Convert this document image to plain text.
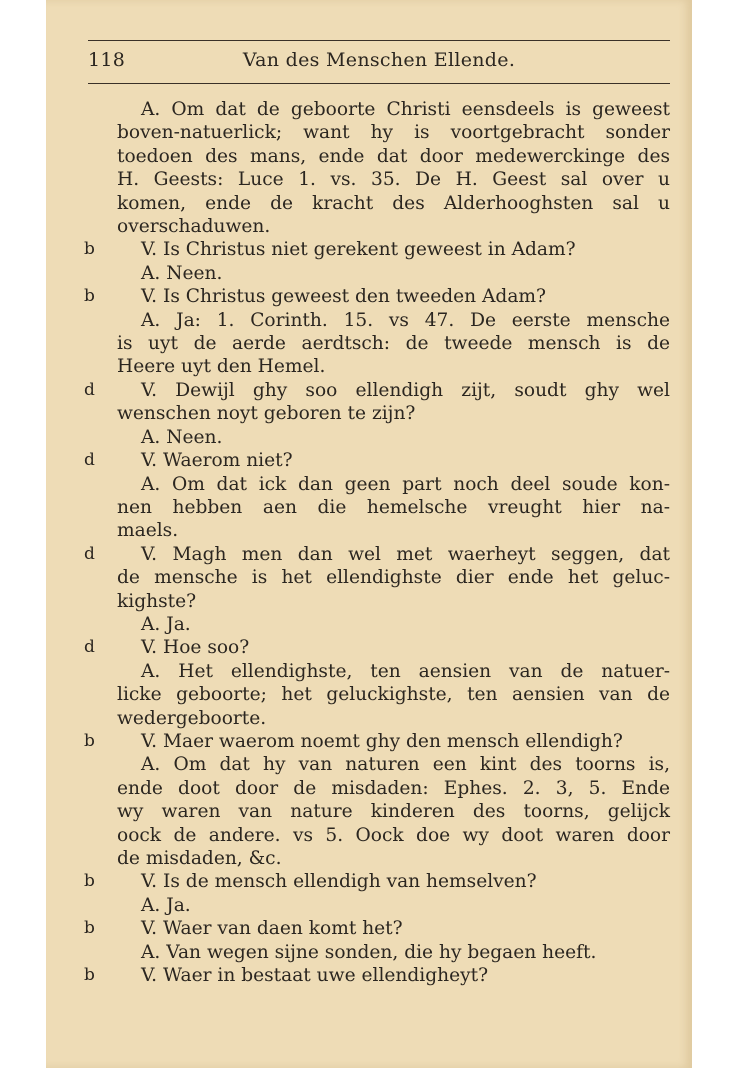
118	Van des Menschen Ellende.
A. Om dat de geboorte Christi eensdeels is geweest
boven-natuerlick; want hy is voortgebracht sonder
toedoen des mans, ende dat door medewerckinge des
H. Geests: Luce 1. vs. 35. De H. Geest sal over u
komen, ende de kracht des Alderhooghsten sal u
overschaduwen.
b	V. Is Christus niet gerekent geweest in Adam?
A. Neen.
b	V. Is Christus geweest den tweeden Adam?
A. Ja: 1. Corinth. 15. vs 47. De eerste mensche
is uyt de aerde aerdtsch: de tweede mensch is de
Heere uyt den Hemel.
d	V. Dewijl ghy soo ellendigh zijt, soudt ghy wel
wenschen noyt geboren te zijn?
A. Neen.
d	V. Waerom niet?
A. Om dat ick dan geen part noch deel soude kon-
nen hebben aen die hemelsche vreught hier na-
maels.
d	V. Magh men dan wel met waerheyt seggen, dat
de mensche is het ellendighste dier ende het geluc-
kighste?
A. Ja.
d	V. Hoe soo?
A. Het ellendighste, ten aensien van de natuer-
licke geboorte; het geluckighste, ten aensien van de
wedergeboorte.
b	V. Maer waerom noemt ghy den mensch ellendigh?
A. Om dat hy van naturen een kint des toorns is,
ende doot door de misdaden: Ephes. 2. 3, 5. Ende
wy waren van nature kinderen des toorns, gelijck
oock de andere. vs 5. Oock doe wy doot waren door
de misdaden, &c.
b	V. Is de mensch ellendigh van hemselven?
A. Ja.
b	V. Waer van daen komt het?
A. Van wegen sijne sonden, die hy begaen heeft.
b	V. Waer in bestaat uwe ellendigheyt?
